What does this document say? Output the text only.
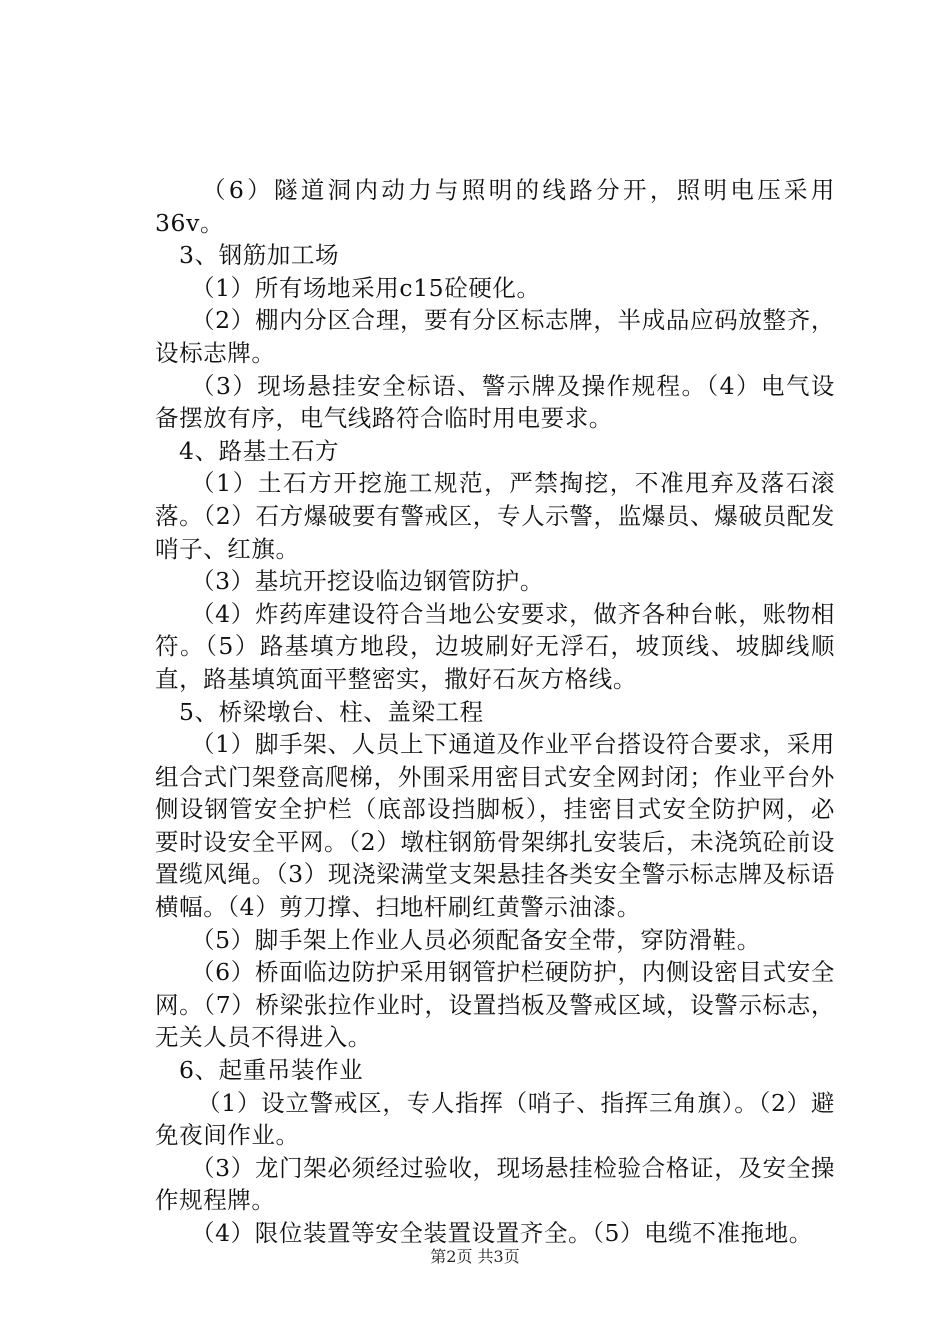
（6）隧道洞内动力与照明的线路分开，照明电压采用36v。

3、钢筋加工场

（1）所有场地采用c15砼硬化。

（2）棚内分区合理，要有分区标志牌，半成品应码放整齐，设标志牌。

（3）现场悬挂安全标语、警示牌及操作规程。（4）电气设备摆放有序，电气线路符合临时用电要求。

4、路基土石方

（1）土石方开挖施工规范，严禁掏挖，不准甩弃及落石滚落。（2）石方爆破要有警戒区，专人示警，监爆员、爆破员配发哨子、红旗。

（3）基坑开挖设临边钢管防护。

（4）炸药库建设符合当地公安要求，做齐各种台帐，账物相符。（5）路基填方地段，边坡刷好无浮石，坡顶线、坡脚线顺直，路基填筑面平整密实，撒好石灰方格线。

5、桥梁墩台、柱、盖梁工程

（1）脚手架、人员上下通道及作业平台搭设符合要求，采用组合式门架登高爬梯，外围采用密目式安全网封闭；作业平台外侧设钢管安全护栏（底部设挡脚板），挂密目式安全防护网，必要时设安全平网。（2）墩柱钢筋骨架绑扎安装后，未浇筑砼前设置缆风绳。（3）现浇梁满堂支架悬挂各类安全警示标志牌及标语横幅。（4）剪刀撑、扫地杆刷红黄警示油漆。

（5）脚手架上作业人员必须配备安全带，穿防滑鞋。

（6）桥面临边防护采用钢管护栏硬防护，内侧设密目式安全网。（7）桥梁张拉作业时，设置挡板及警戒区域，设警示标志，无关人员不得进入。

6、起重吊装作业

（1）设立警戒区，专人指挥（哨子、指挥三角旗）。（2）避免夜间作业。

（3）龙门架必须经过验收，现场悬挂检验合格证，及安全操作规程牌。

（4）限位装置等安全装置设置齐全。（5）电缆不准拖地。

第2页 共3页
